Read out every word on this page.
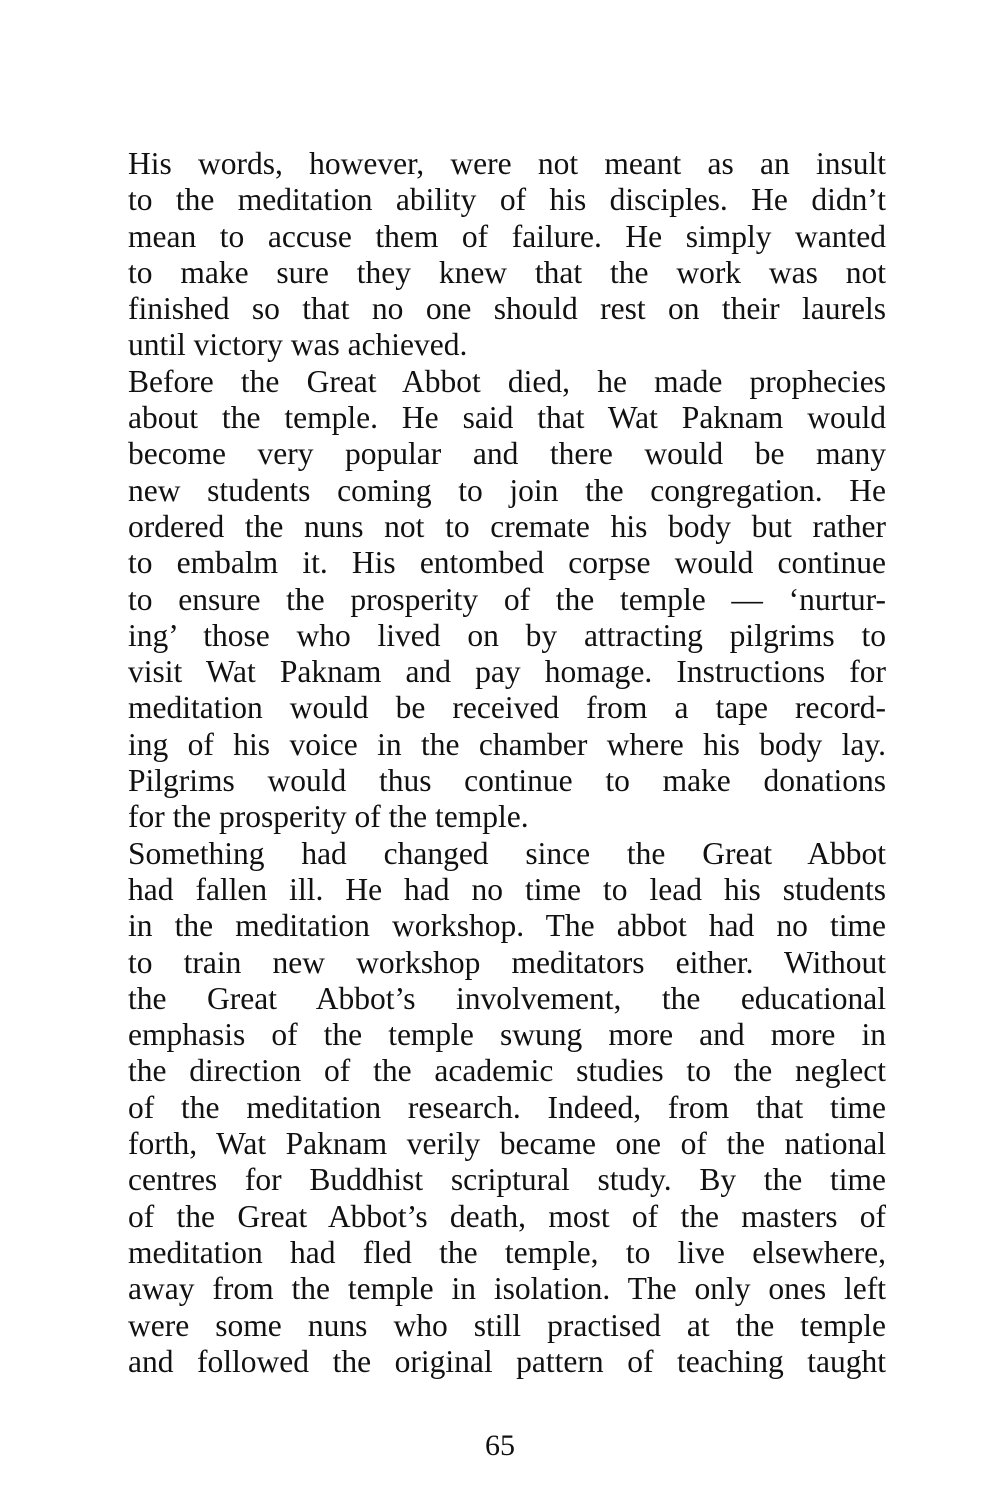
His words, however, were not meant as an insult
to the meditation ability of his disciples. He didn’t
mean to accuse them of failure. He simply wanted
to make sure they knew that the work was not
finished so that no one should rest on their laurels
until victory was achieved.
Before the Great Abbot died, he made prophecies
about the temple. He said that Wat Paknam would
become very popular and there would be many
new students coming to join the congregation. He
ordered the nuns not to cremate his body but rather
to embalm it. His entombed corpse would continue
to ensure the prosperity of the temple — ‘nurtur-
ing’ those who lived on by attracting pilgrims to
visit Wat Paknam and pay homage. Instructions for
meditation would be received from a tape record-
ing of his voice in the chamber where his body lay.
Pilgrims would thus continue to make donations
for the prosperity of the temple.
Something had changed since the Great Abbot
had fallen ill. He had no time to lead his students
in the meditation workshop. The abbot had no time
to train new workshop meditators either. Without
the Great Abbot’s involvement, the educational
emphasis of the temple swung more and more in
the direction of the academic studies to the neglect
of the meditation research. Indeed, from that time
forth, Wat Paknam verily became one of the national
centres for Buddhist scriptural study. By the time
of the Great Abbot’s death, most of the masters of
meditation had fled the temple, to live elsewhere,
away from the temple in isolation. The only ones left
were some nuns who still practised at the temple
and followed the original pattern of teaching taught
65
